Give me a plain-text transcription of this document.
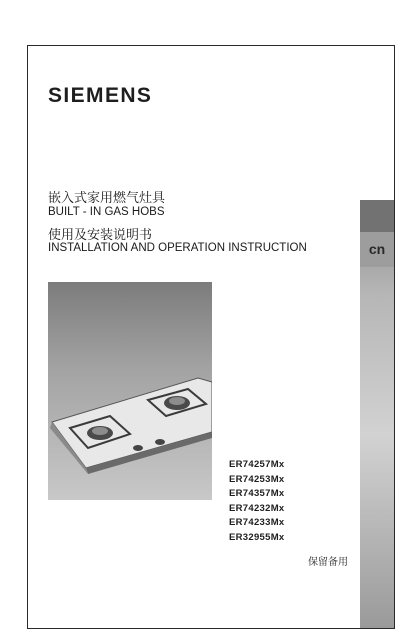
SIEMENS
嵌入式家用燃气灶具
BUILT - IN GAS HOBS
使用及安装说明书
INSTALLATION AND OPERATION INSTRUCTION	cn
ER74257Mx
ER74253Mx
ER74357Mx
ER74232Mx
ER74233Mx
ER32955Mx
保留备用
